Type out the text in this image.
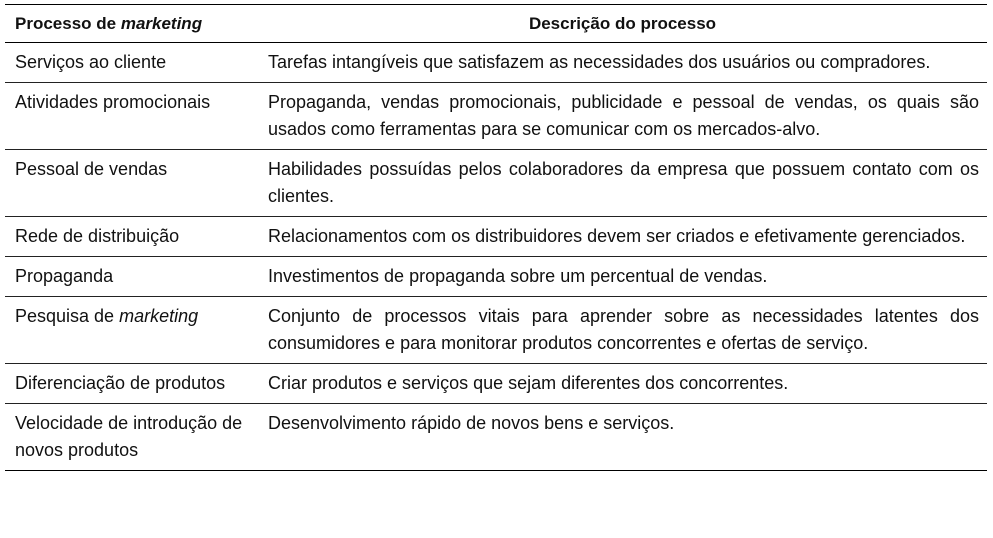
Processo de marketing	Descrição do processo
Serviços ao cliente	Tarefas intangíveis que satisfazem as necessidades dos usuários ou compradores.
Atividades promocionais	Propaganda, vendas promocionais, publicidade e pessoal de vendas, os quais são usados como ferramentas para se comunicar com os mercados-alvo.
Pessoal de vendas	Habilidades possuídas pelos colaboradores da empresa que possuem contato com os clientes.
Rede de distribuição	Relacionamentos com os distribuidores devem ser criados e efetivamente gerenciados.
Propaganda	Investimentos de propaganda sobre um percentual de vendas.
Pesquisa de marketing	Conjunto de processos vitais para aprender sobre as necessidades latentes dos consumidores e para monitorar produtos concorrentes e ofertas de serviço.
Diferenciação de produtos	Criar produtos e serviços que sejam diferentes dos concorrentes.
Velocidade de introdução de novos produtos	Desenvolvimento rápido de novos bens e serviços.
